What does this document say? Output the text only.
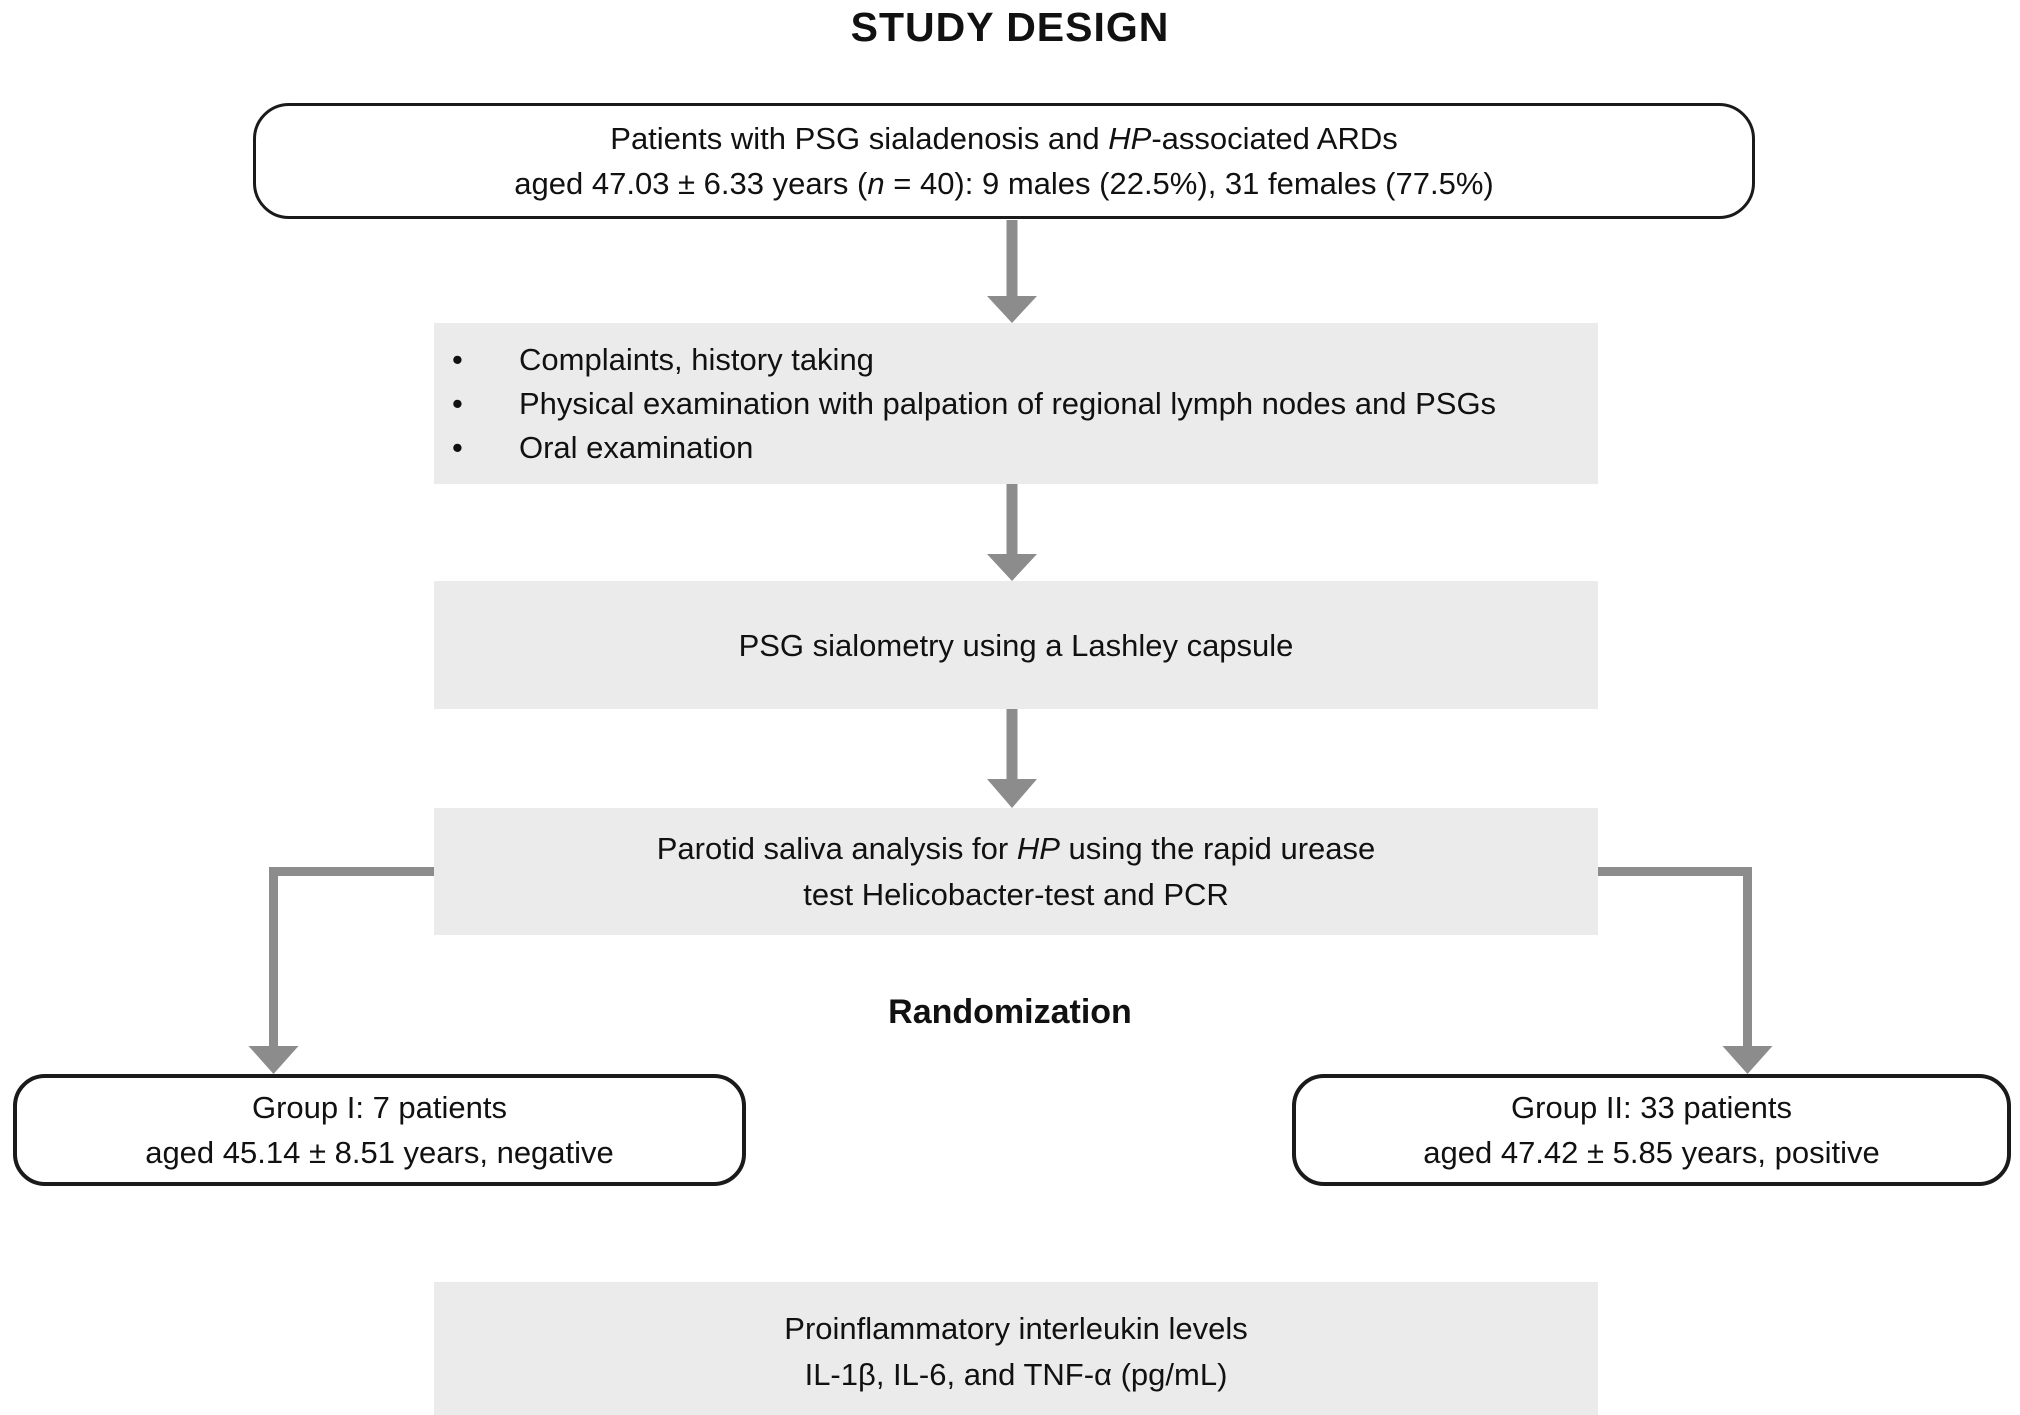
STUDY DESIGN
Patients with PSG sialadenosis and HP-associated ARDs
aged 47.03 ± 6.33 years (n = 40): 9 males (22.5%), 31 females (77.5%)
•	Complaints, history taking
•	Physical examination with palpation of regional lymph nodes and PSGs
•	Oral examination
PSG sialometry using a Lashley capsule
Parotid saliva analysis for HP using the rapid urease
test Helicobacter-test and PCR
Randomization
Group I: 7 patients
aged 45.14 ± 8.51 years, negative
Group II: 33 patients
aged 47.42 ± 5.85 years, positive
Proinflammatory interleukin levels
IL-1β, IL-6, and TNF-α (pg/mL)
